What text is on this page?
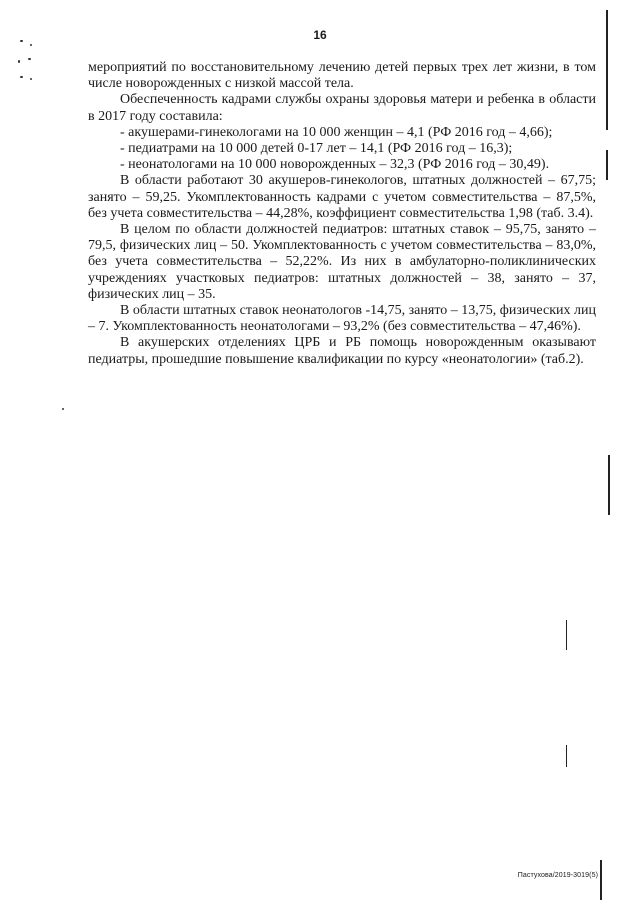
16

мероприятий по восстановительному лечению детей первых трех лет жизни, в том числе новорожденных с низкой массой тела.

Обеспеченность кадрами службы охраны здоровья матери и ребенка в области в 2017 году составила:

- акушерами-гинекологами на 10 000 женщин – 4,1 (РФ 2016 год – 4,66);

- педиатрами на 10 000 детей 0-17 лет – 14,1 (РФ 2016 год – 16,3);

- неонатологами на 10 000 новорожденных – 32,3 (РФ 2016 год – 30,49).

В области работают 30 акушеров-гинекологов, штатных должностей – 67,75; занято – 59,25. Укомплектованность кадрами с учетом совместительства – 87,5%, без учета совместительства – 44,28%, коэффициент совместительства 1,98 (таб. 3.4).

В целом по области должностей педиатров: штатных ставок – 95,75, занято – 79,5, физических лиц – 50. Укомплектованность с учетом совместительства – 83,0%, без учета совместительства – 52,22%. Из них в амбулаторно-поликлинических учреждениях участковых педиатров: штатных должностей – 38, занято – 37, физических лиц – 35.

В области штатных ставок неонатологов -14,75, занято – 13,75, физических лиц – 7. Укомплектованность неонатологами – 93,2% (без совместительства – 47,46%).

В акушерских отделениях ЦРБ и РБ помощь новорожденным оказывают педиатры, прошедшие повышение квалификации по курсу «неонатологии» (таб.2).

Пастухова/2019-3019(5)
